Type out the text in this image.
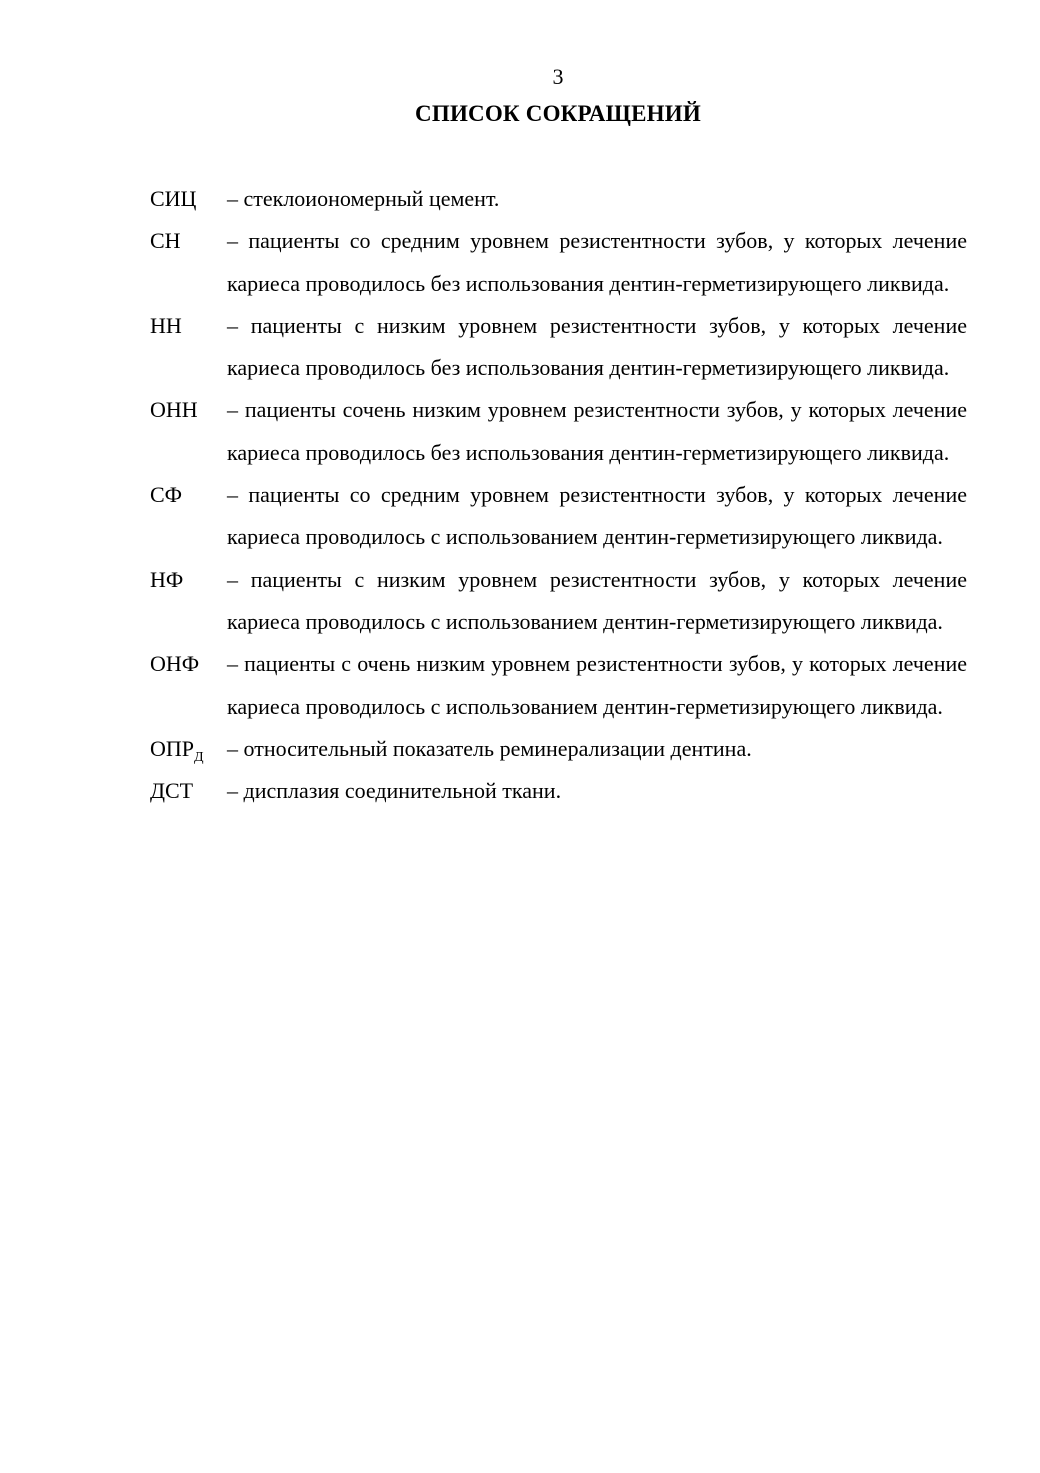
3
СПИСОК СОКРАЩЕНИЙ
СИЦ	– стеклоиономерный цемент.
СН	– пациенты со средним уровнем резистентности зубов, у которых лечение кариеса проводилось без использования дентин-герметизирующего ликвида.
НН	– пациенты с низким уровнем резистентности зубов, у которых лечение кариеса проводилось без использования дентин-герметизирующего ликвида.
ОНН	– пациенты сочень низким уровнем резистентности зубов, у которых лечение кариеса проводилось без использования дентин-герметизирующего ликвида.
СФ	– пациенты со средним уровнем резистентности зубов, у которых лечение кариеса проводилось с использованием дентин-герметизирующего ликвида.
НФ	– пациенты с низким уровнем резистентности зубов, у которых лечение кариеса проводилось с использованием дентин-герметизирующего ликвида.
ОНФ	– пациенты с очень низким уровнем резистентности зубов, у которых лечение кариеса проводилось с использованием дентин-герметизирующего ликвида.
$ОПР_Д$	– относительный показатель реминерализации дентина.
ДСТ	– дисплазия соединительной ткани.
